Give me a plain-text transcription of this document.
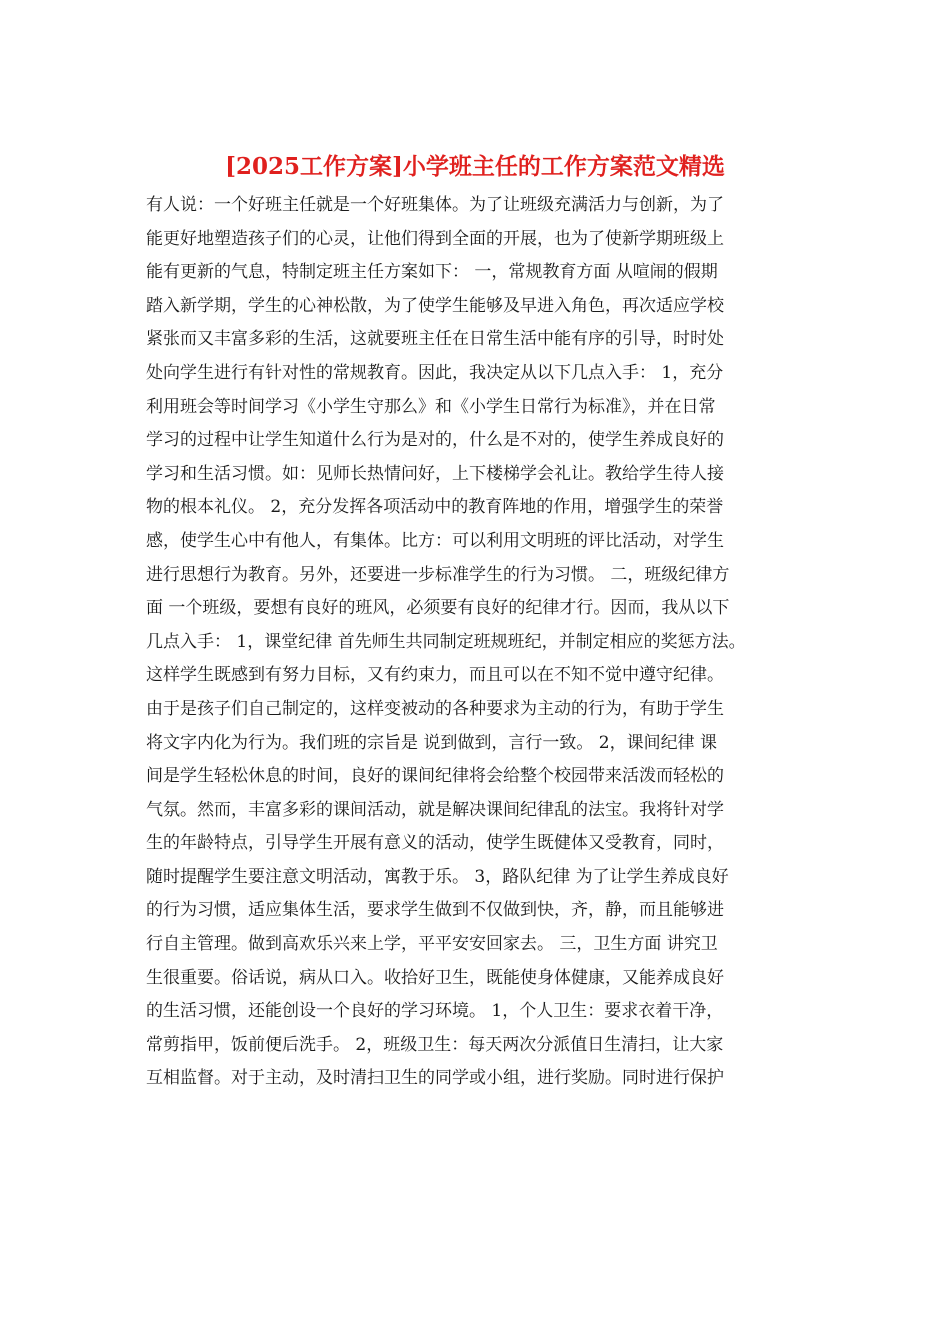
[2025工作方案]小学班主任的工作方案范文精选
有人说：一个好班主任就是一个好班集体。为了让班级充满活力与创新，为了
能更好地塑造孩子们的心灵，让他们得到全面的开展，也为了使新学期班级上
能有更新的气息，特制定班主任方案如下： 一，常规教育方面 从喧闹的假期
踏入新学期，学生的心神松散，为了使学生能够及早进入角色，再次适应学校
紧张而又丰富多彩的生活，这就要班主任在日常生活中能有序的引导，时时处
处向学生进行有针对性的常规教育。因此，我决定从以下几点入手： 1，充分
利用班会等时间学习《小学生守那么》和《小学生日常行为标准》，并在日常
学习的过程中让学生知道什么行为是对的，什么是不对的，使学生养成良好的
学习和生活习惯。如：见师长热情问好，上下楼梯学会礼让。教给学生待人接
物的根本礼仪。 2，充分发挥各项活动中的教育阵地的作用，增强学生的荣誉
感，使学生心中有他人，有集体。比方：可以利用文明班的评比活动，对学生
进行思想行为教育。另外，还要进一步标准学生的行为习惯。 二，班级纪律方
面 一个班级，要想有良好的班风，必须要有良好的纪律才行。因而，我从以下
几点入手： 1，课堂纪律 首先师生共同制定班规班纪，并制定相应的奖惩方法。
这样学生既感到有努力目标，又有约束力，而且可以在不知不觉中遵守纪律。
由于是孩子们自己制定的，这样变被动的各种要求为主动的行为，有助于学生
将文字内化为行为。我们班的宗旨是 说到做到，言行一致。 2，课间纪律 课
间是学生轻松休息的时间，良好的课间纪律将会给整个校园带来活泼而轻松的
气氛。然而，丰富多彩的课间活动，就是解决课间纪律乱的法宝。我将针对学
生的年龄特点，引导学生开展有意义的活动，使学生既健体又受教育，同时，
随时提醒学生要注意文明活动，寓教于乐。 3，路队纪律 为了让学生养成良好
的行为习惯，适应集体生活，要求学生做到不仅做到快，齐，静，而且能够进
行自主管理。做到高欢乐兴来上学，平平安安回家去。 三，卫生方面 讲究卫
生很重要。俗话说，病从口入。收拾好卫生，既能使身体健康，又能养成良好
的生活习惯，还能创设一个良好的学习环境。 1，个人卫生：要求衣着干净，
常剪指甲，饭前便后洗手。 2，班级卫生：每天两次分派值日生清扫，让大家
互相监督。对于主动，及时清扫卫生的同学或小组，进行奖励。同时进行保护
